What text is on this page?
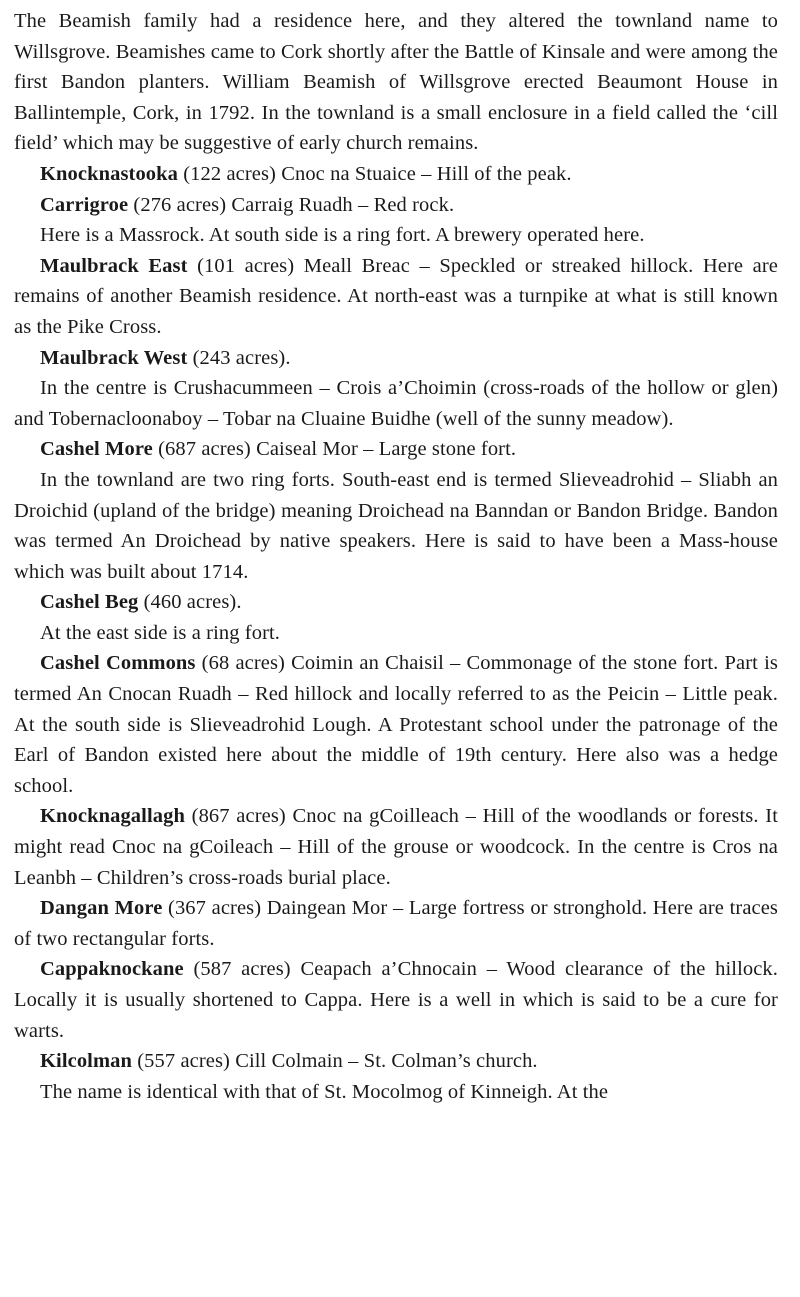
The Beamish family had a residence here, and they altered the townland name to Willsgrove. Beamishes came to Cork shortly after the Battle of Kinsale and were among the first Bandon planters. William Beamish of Willsgrove erected Beaumont House in Ballintemple, Cork, in 1792. In the townland is a small enclosure in a field called the ‘cill field’ which may be suggestive of early church remains.

Knocknastooka (122 acres) Cnoc na Stuaice – Hill of the peak.

Carrigroe (276 acres) Carraig Ruadh – Red rock.

Here is a Massrock. At south side is a ring fort. A brewery operated here.

Maulbrack East (101 acres) Meall Breac – Speckled or streaked hillock. Here are remains of another Beamish residence. At north-east was a turnpike at what is still known as the Pike Cross.

Maulbrack West (243 acres).

In the centre is Crushacummeen – Crois a’Choimin (cross-roads of the hollow or glen) and Tobernacloonaboy – Tobar na Cluaine Buidhe (well of the sunny meadow).

Cashel More (687 acres) Caiseal Mor – Large stone fort.

In the townland are two ring forts. South-east end is termed Slieveadrohid – Sliabh an Droichid (upland of the bridge) meaning Droichead na Banndan or Bandon Bridge. Bandon was termed An Droichead by native speakers. Here is said to have been a Mass-house which was built about 1714.

Cashel Beg (460 acres).

At the east side is a ring fort.

Cashel Commons (68 acres) Coimin an Chaisil – Commonage of the stone fort. Part is termed An Cnocan Ruadh – Red hillock and locally referred to as the Peicin – Little peak. At the south side is Slieveadrohid Lough. A Protestant school under the patronage of the Earl of Bandon existed here about the middle of 19th century. Here also was a hedge school.

Knocknagallagh (867 acres) Cnoc na gCoilleach – Hill of the woodlands or forests. It might read Cnoc na gCoileach – Hill of the grouse or woodcock. In the centre is Cros na Leanbh – Children’s cross-roads burial place.

Dangan More (367 acres) Daingean Mor – Large fortress or stronghold. Here are traces of two rectangular forts.

Cappaknockane (587 acres) Ceapach a’Chnocain – Wood clearance of the hillock. Locally it is usually shortened to Cappa. Here is a well in which is said to be a cure for warts.

Kilcolman (557 acres) Cill Colmain – St. Colman’s church.

The name is identical with that of St. Mocolmog of Kinneigh. At the
